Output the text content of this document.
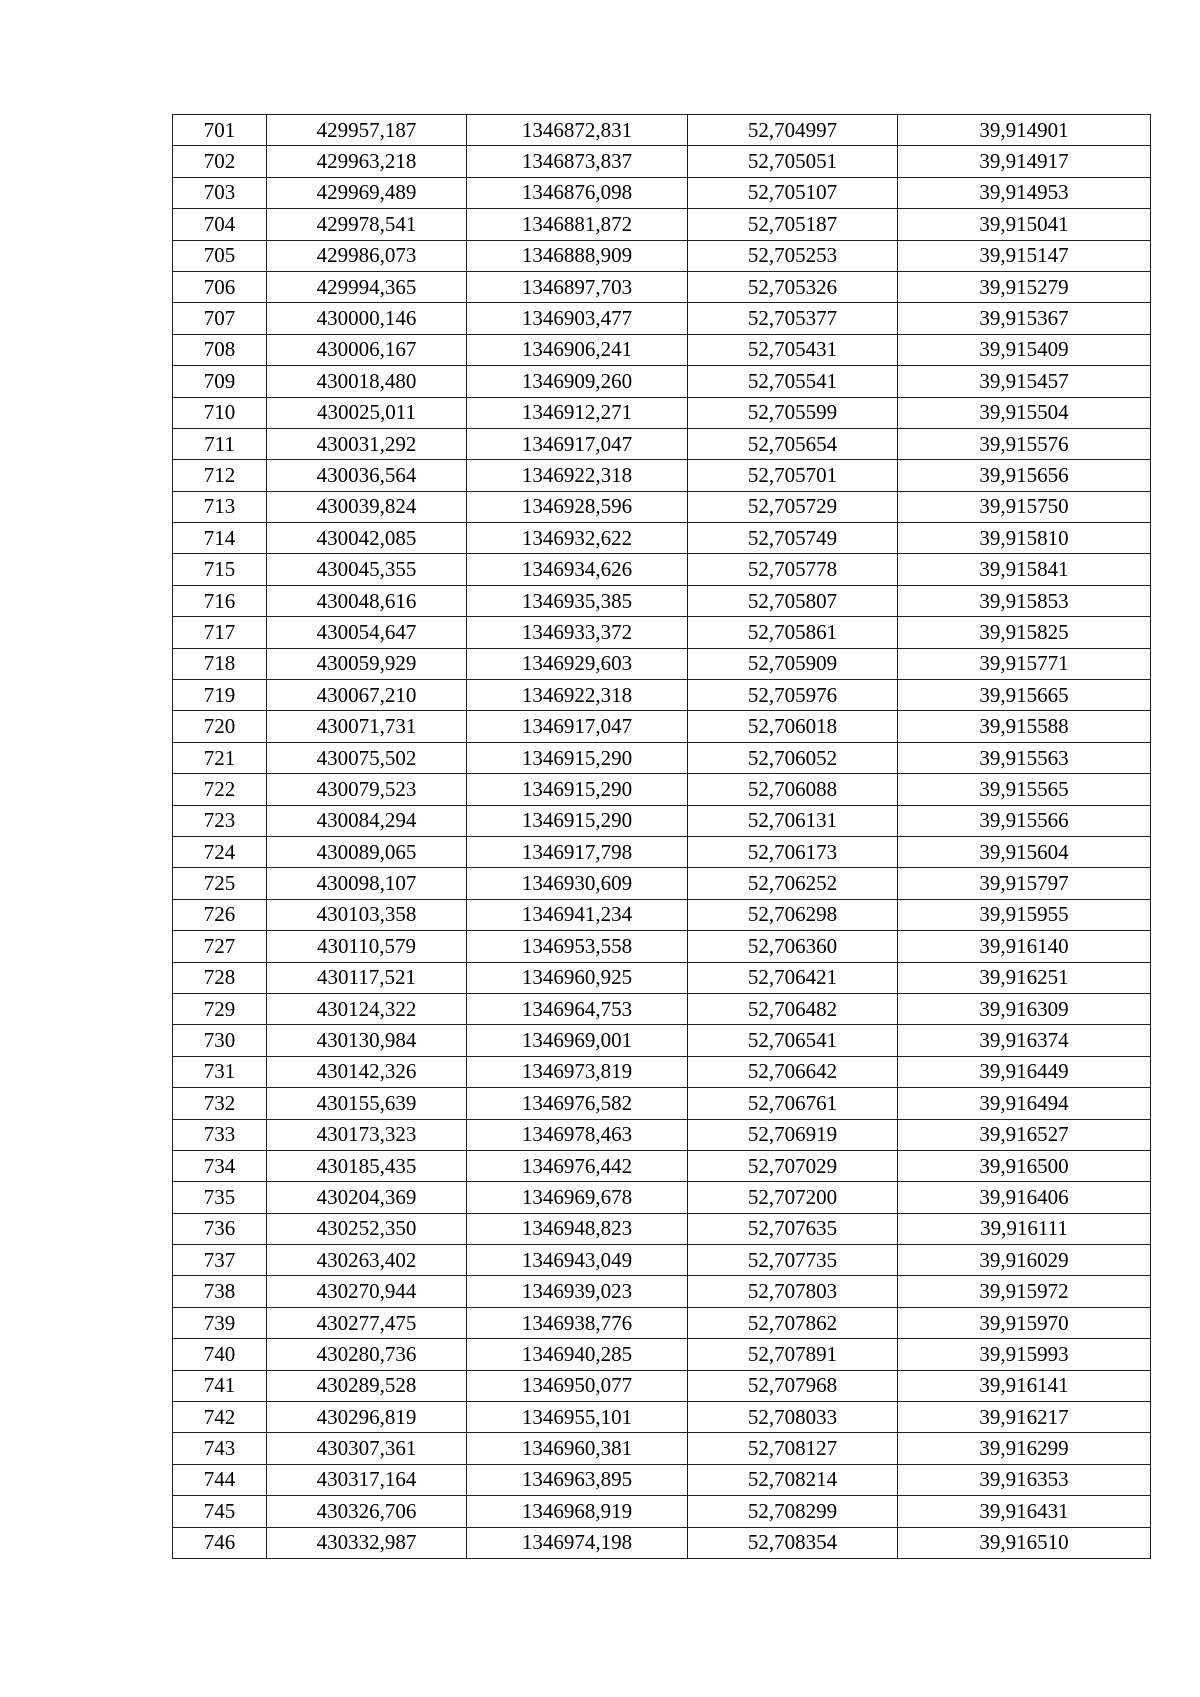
701	429957,187	1346872,831	52,704997	39,914901
702	429963,218	1346873,837	52,705051	39,914917
703	429969,489	1346876,098	52,705107	39,914953
704	429978,541	1346881,872	52,705187	39,915041
705	429986,073	1346888,909	52,705253	39,915147
706	429994,365	1346897,703	52,705326	39,915279
707	430000,146	1346903,477	52,705377	39,915367
708	430006,167	1346906,241	52,705431	39,915409
709	430018,480	1346909,260	52,705541	39,915457
710	430025,011	1346912,271	52,705599	39,915504
711	430031,292	1346917,047	52,705654	39,915576
712	430036,564	1346922,318	52,705701	39,915656
713	430039,824	1346928,596	52,705729	39,915750
714	430042,085	1346932,622	52,705749	39,915810
715	430045,355	1346934,626	52,705778	39,915841
716	430048,616	1346935,385	52,705807	39,915853
717	430054,647	1346933,372	52,705861	39,915825
718	430059,929	1346929,603	52,705909	39,915771
719	430067,210	1346922,318	52,705976	39,915665
720	430071,731	1346917,047	52,706018	39,915588
721	430075,502	1346915,290	52,706052	39,915563
722	430079,523	1346915,290	52,706088	39,915565
723	430084,294	1346915,290	52,706131	39,915566
724	430089,065	1346917,798	52,706173	39,915604
725	430098,107	1346930,609	52,706252	39,915797
726	430103,358	1346941,234	52,706298	39,915955
727	430110,579	1346953,558	52,706360	39,916140
728	430117,521	1346960,925	52,706421	39,916251
729	430124,322	1346964,753	52,706482	39,916309
730	430130,984	1346969,001	52,706541	39,916374
731	430142,326	1346973,819	52,706642	39,916449
732	430155,639	1346976,582	52,706761	39,916494
733	430173,323	1346978,463	52,706919	39,916527
734	430185,435	1346976,442	52,707029	39,916500
735	430204,369	1346969,678	52,707200	39,916406
736	430252,350	1346948,823	52,707635	39,916111
737	430263,402	1346943,049	52,707735	39,916029
738	430270,944	1346939,023	52,707803	39,915972
739	430277,475	1346938,776	52,707862	39,915970
740	430280,736	1346940,285	52,707891	39,915993
741	430289,528	1346950,077	52,707968	39,916141
742	430296,819	1346955,101	52,708033	39,916217
743	430307,361	1346960,381	52,708127	39,916299
744	430317,164	1346963,895	52,708214	39,916353
745	430326,706	1346968,919	52,708299	39,916431
746	430332,987	1346974,198	52,708354	39,916510
